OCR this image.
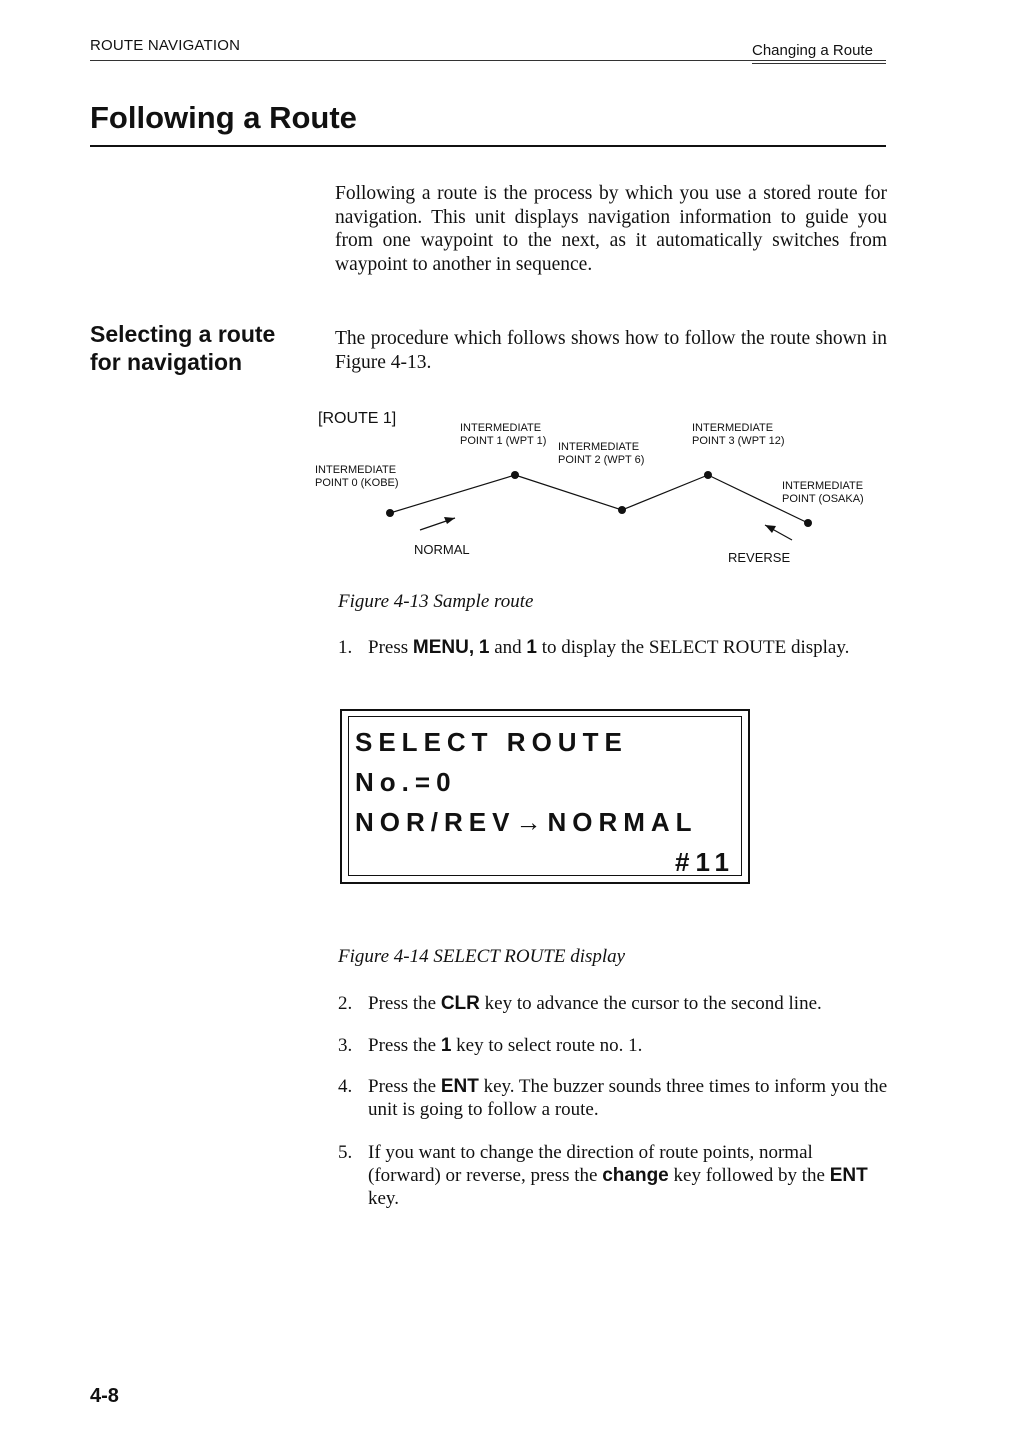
ROUTE NAVIGATION	Changing a Route
Following a Route
Following a route is the process by which you use a stored route for navigation. This unit displays navigation information to guide you from one waypoint to the next, as it automatically switches from waypoint to another in sequence.
Selecting a route
for navigation
The procedure which follows shows how to follow the route shown in Figure 4-13.
[ROUTE 1]
INTERMEDIATE
POINT 0 (KOBE)
INTERMEDIATE
POINT 1 (WPT 1) INTERMEDIATE
POINT 2 (WPT 6)
INTERMEDIATE
POINT 3 (WPT 12)
INTERMEDIATE
POINT (OSAKA)
NORMAL
REVERSE
Figure 4-13 Sample route
1. Press MENU, 1 and 1 to display the SELECT ROUTE display.
SELECT ROUTE
No.=0
NOR/REV→NORMAL
#11
Figure 4-14 SELECT ROUTE display
2. Press the CLR key to advance the cursor to the second line.
3. Press the 1 key to select route no. 1.
4. Press the ENT key. The buzzer sounds three times to inform you the unit is going to follow a route.
5. If you want to change the direction of route points, normal (forward) or reverse, press the change key followed by the ENT key.
4-8
